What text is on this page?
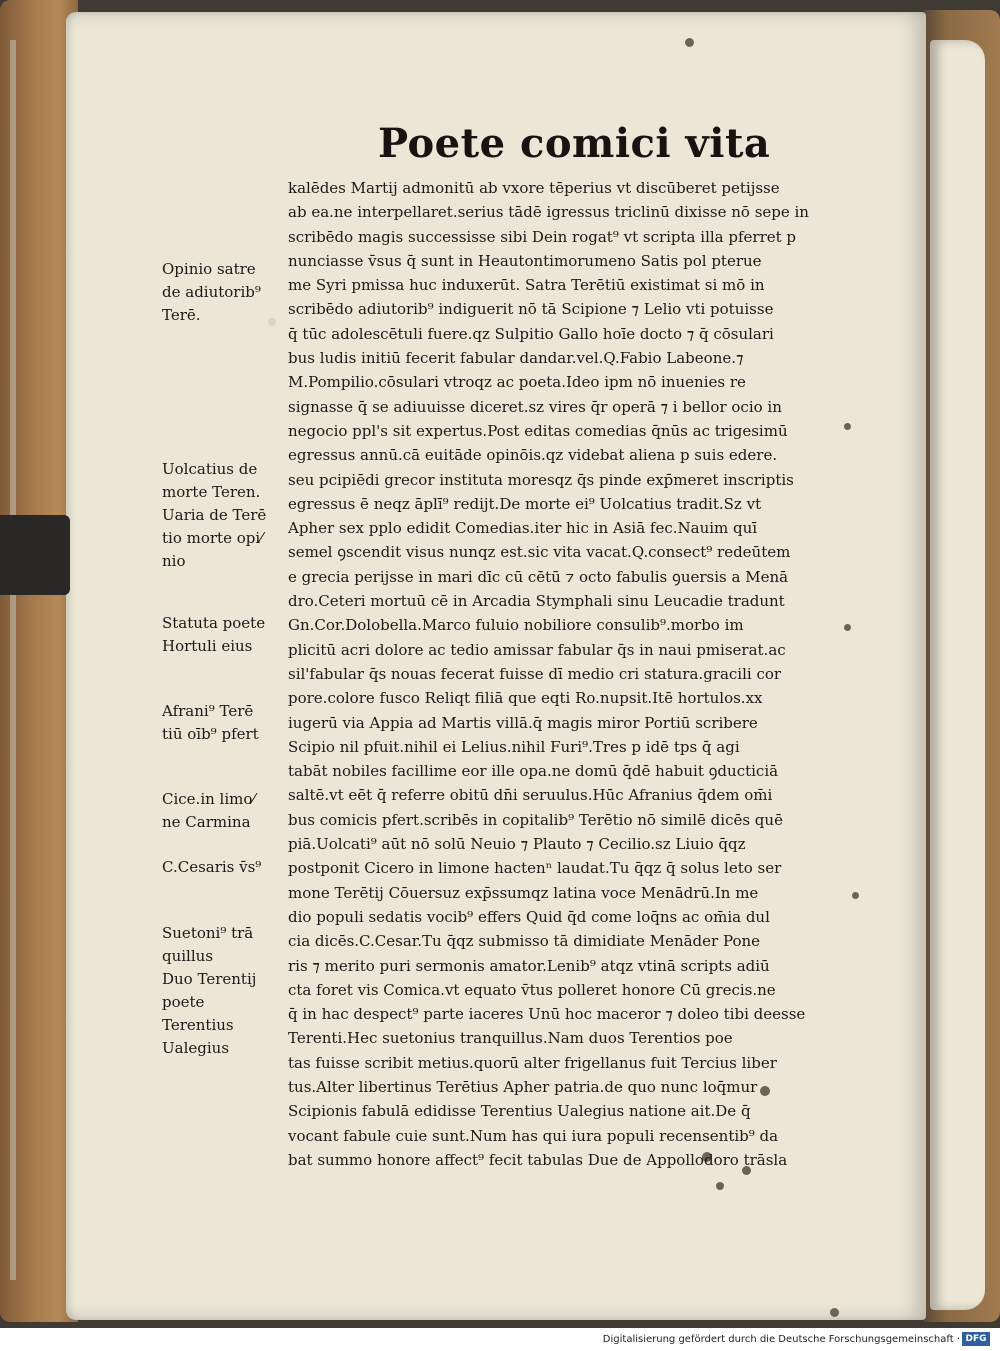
Poete comici vita
kalēdes Martij admonitū ab vxore tēperius vt discūberet petijsse
ab ea.ne interpellaret.serius tādē igressus triclinū dixisse nō sepe in
scribēdo magis successisse sibi Dein rogat⁹ vt scripta illa pferret p
nunciasse v̄sus q̄ sunt in Heautontimorumeno Satis pol pterue
me Syri pmissa huc induxerūt. Satra Terētiū existimat si mō in
scribēdo adiutorib⁹ indiguerit nō tā Scipione ⁊ Lelio vti potuisse
q̄ tūc adolescētuli fuere.qz Sulpitio Gallo hoīe docto ⁊ q̄ cōsulari
bus ludis initiū fecerit fabular dandar.vel.Q.Fabio Labeone.⁊
M.Pompilio.cōsulari vtroqz ac poeta.Ideo ipm nō inuenies re
signasse q̄ se adiuuisse diceret.sz vires q̄r operā ⁊ i bellor ocio in
negocio ppl's sit expertus.Post editas comedias q̄nūs ac trigesimū
egressus annū.cā euitāde opinōis.qz videbat aliena p suis edere.
seu pcipiēdi grecor instituta moresqz q̄s pinde exp̄meret inscriptis
egressus ē neqz āplī⁹ redijt.De morte ei⁹ Uolcatius tradit.Sz vt
Apher sex pplo edidit Comedias.iter hic in Asiā fec.Nauim quī
semel ꝯscendit visus nunqz est.sic vita vacat.Q.consect⁹ redeūtem
e grecia perijsse in mari dīc cū cētū ⁊ octo fabulis ꝯuersis a Menā
dro.Ceteri mortuū cē in Arcadia Stymphali sinu Leucadie tradunt
Gn.Cor.Dolobella.Marco fuluio nobiliore consulib⁹.morbo im
plicitū acri dolore ac tedio amissar fabular q̄s in naui pmiserat.ac
sil'fabular q̄s nouas fecerat fuisse dī medio cri statura.gracili cor
pore.colore fusco Reliqt filiā que eqti Ro.nupsit.Itē hortulos.xx
iugerū via Appia ad Martis villā.q̄ magis miror Portiū scribere
Scipio nil pfuit.nihil ei Lelius.nihil Furi⁹.Tres p idē tps q̄ agi
tabāt nobiles facillime eor ille opa.ne domū q̄dē habuit ꝯducticiā
saltē.vt eēt q̄ referre obitū dn̄i seruulus.Hūc Afranius q̄dem om̄i
bus comicis pfert.scribēs in copitalib⁹ Terētio nō similē dicēs quē
piā.Uolcati⁹ aūt nō solū Neuio ⁊ Plauto ⁊ Cecilio.sz Liuio q̄qz
postponit Cicero in limone hactenⁿ laudat.Tu q̄qz q̄ solus leto ser
mone Terētij Cōuersuz exp̄ssumqz latina voce Menādrū.In me
dio populi sedatis vocib⁹ effers Quid q̄d come loq̄ns ac om̄ia dul
cia dicēs.C.Cesar.Tu q̄qz submisso tā dimidiate Menāder Pone
ris ⁊ merito puri sermonis amator.Lenib⁹ atqz vtinā scripts adiū
cta foret vis Comica.vt equato v̄tus polleret honore Cū grecis.ne
q̄ in hac despect⁹ parte iaceres Unū hoc maceror ⁊ doleo tibi deesse
Terenti.Hec suetonius tranquillus.Nam duos Terentios poe
tas fuisse scribit metius.quorū alter frigellanus fuit Tercius liber
tus.Alter libertinus Terētius Apher patria.de quo nunc loq̄mur
Scipionis fabulā edidisse Terentius Ualegius natione ait.De q̄
vocant fabule cuie sunt.Num has qui iura populi recensentib⁹ da
bat summo honore affect⁹ fecit tabulas Due de Appollodoro trāsla
Opinio satre
de adiutorib⁹
Terē.
Uolcatius de
morte Teren.
Uaria de Terē
tio morte opi⁄
nio
Statuta poete
Hortuli eius
Afrani⁹ Terē
tiū oīb⁹ pfert
Cice.in limo⁄
ne Carmina
C.Cesaris v̄s⁹
Suetoni⁹ trā
quillus
Duo Terentij
poete
Terentius
Ualegius
Digitalisierung gefördert durch die Deutsche Forschungsgemeinschaft · DFG
